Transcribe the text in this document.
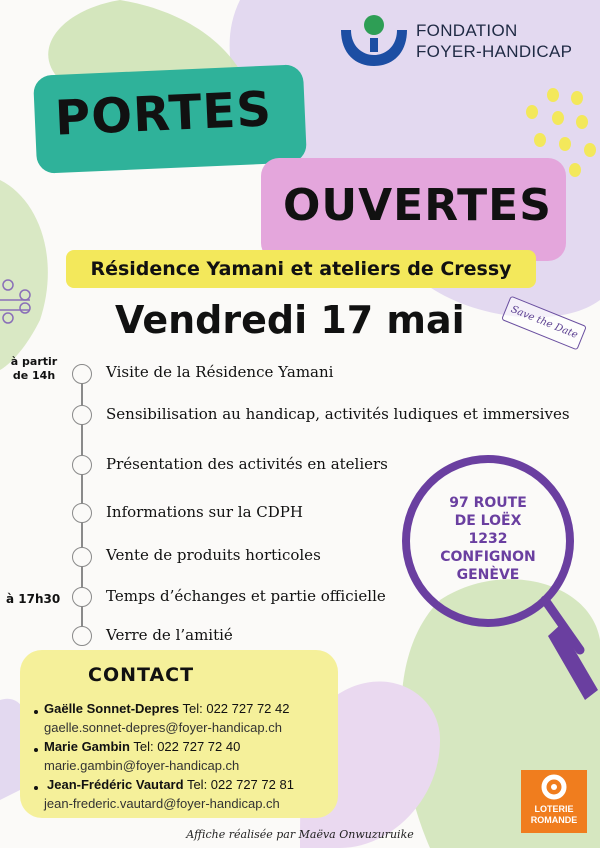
FONDATION
FOYER-HANDICAP
PORTES
OUVERTES
Résidence Yamani et ateliers de Cressy
Vendredi 17 mai	Save the Date
à partir de 14h
à 17h30
Visite de la Résidence Yamani
Sensibilisation au handicap, activités ludiques et immersives
Présentation des activités en ateliers
Informations sur la CDPH
Vente de produits horticoles
Temps d’échanges et partie officielle
Verre de l’amitié
97 ROUTE
DE LOËX
1232
CONFIGNON
GENÈVE
CONTACT
Gaëlle Sonnet-Depres Tel: 022 727 72 42
gaelle.sonnet-depres@foyer-handicap.ch
Marie Gambin Tel: 022 727 72 40
marie.gambin@foyer-handicap.ch
Jean-Frédéric Vautard Tel: 022 727 72 81
jean-frederic.vautard@foyer-handicap.ch	LOTERIE
ROMANDE
Affiche réalisée par Maëva Onwuzuruike
